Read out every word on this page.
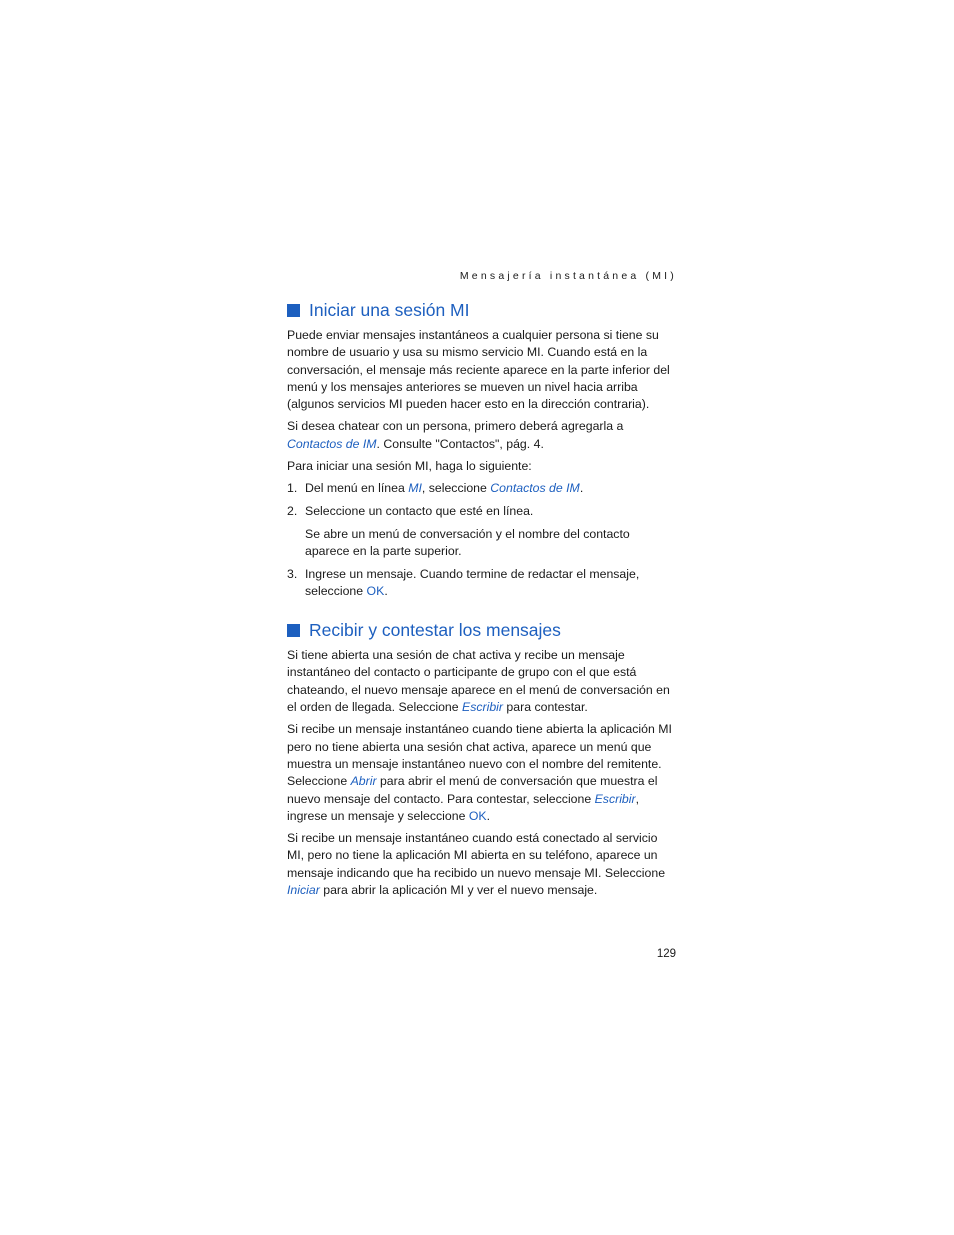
Mensajería instantánea (MI)
Iniciar una sesión MI

Puede enviar mensajes instantáneos a cualquier persona si tiene su nombre de usuario y usa su mismo servicio MI. Cuando está en la conversación, el mensaje más reciente aparece en la parte inferior del menú y los mensajes anteriores se mueven un nivel hacia arriba (algunos servicios MI pueden hacer esto en la dirección contraria).

Si desea chatear con un persona, primero deberá agregarla a Contactos de IM. Consulte "Contactos", pág. 4.

Para iniciar una sesión MI, haga lo siguiente:

1. Del menú en línea MI, seleccione Contactos de IM.
2. Seleccione un contacto que esté en línea.

Se abre un menú de conversación y el nombre del contacto aparece en la parte superior.

3. Ingrese un mensaje. Cuando termine de redactar el mensaje, seleccione OK.
Recibir y contestar los mensajes

Si tiene abierta una sesión de chat activa y recibe un mensaje instantáneo del contacto o participante de grupo con el que está chateando, el nuevo mensaje aparece en el menú de conversación en el orden de llegada. Seleccione Escribir para contestar.

Si recibe un mensaje instantáneo cuando tiene abierta la aplicación MI pero no tiene abierta una sesión chat activa, aparece un menú que muestra un mensaje instantáneo nuevo con el nombre del remitente. Seleccione Abrir para abrir el menú de conversación que muestra el nuevo mensaje del contacto. Para contestar, seleccione Escribir, ingrese un mensaje y seleccione OK.

Si recibe un mensaje instantáneo cuando está conectado al servicio MI, pero no tiene la aplicación MI abierta en su teléfono, aparece un mensaje indicando que ha recibido un nuevo mensaje MI. Seleccione Iniciar para abrir la aplicación MI y ver el nuevo mensaje.

129
